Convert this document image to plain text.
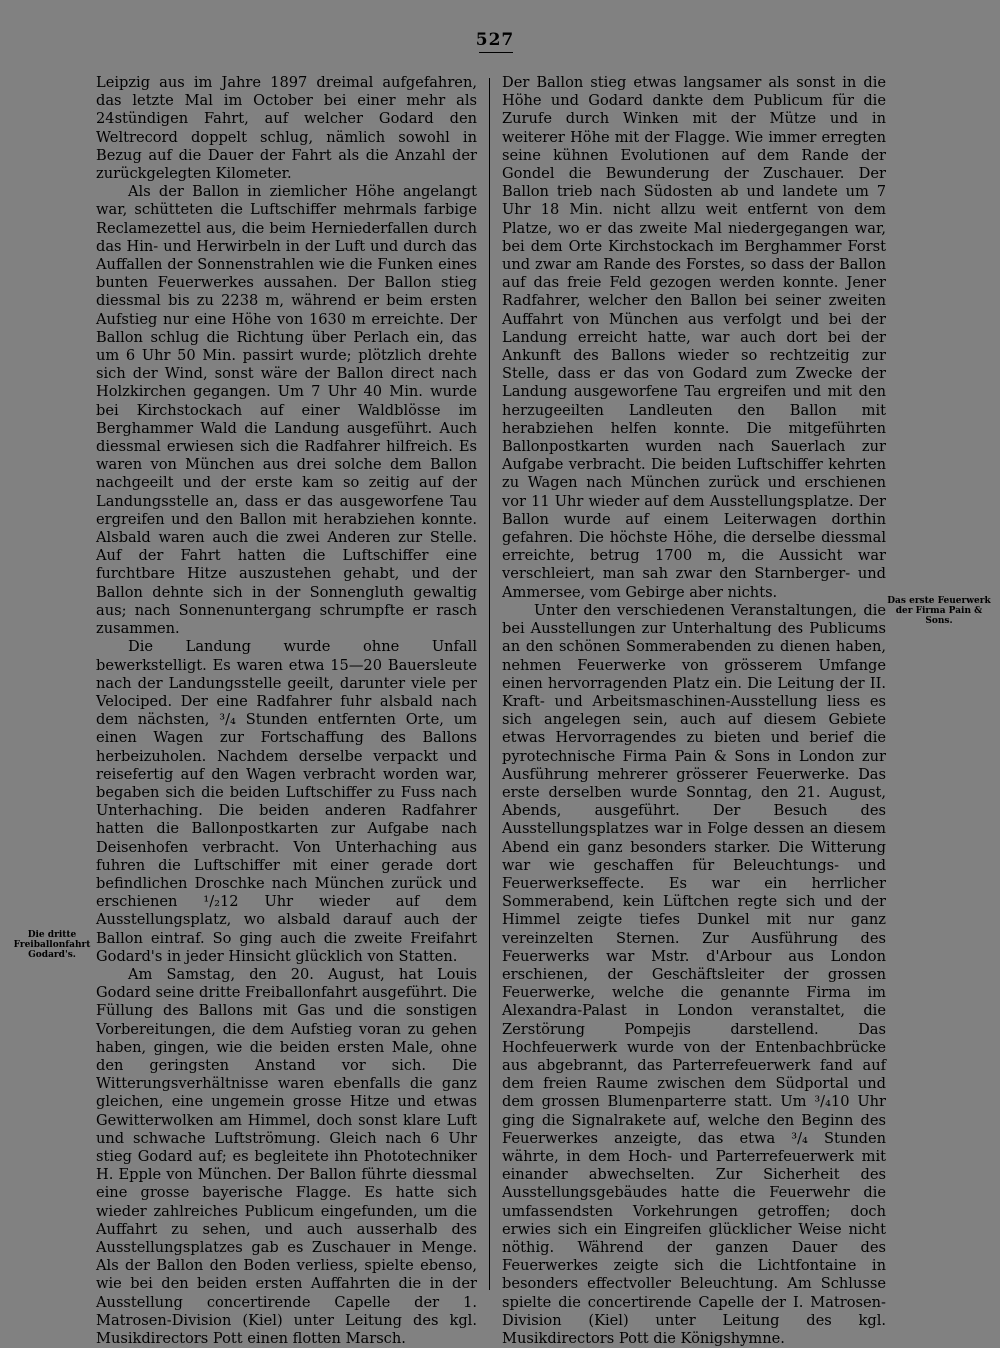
527

Leipzig aus im Jahre 1897 dreimal aufgefahren, das letzte Mal im October bei einer mehr als 24stündigen Fahrt, auf welcher Godard den Weltrecord doppelt schlug, nämlich sowohl in Bezug auf die Dauer der Fahrt als die Anzahl der zurückgelegten Kilometer.

Als der Ballon in ziemlicher Höhe angelangt war, schütteten die Luftschiffer mehrmals farbige Reclamezettel aus, die beim Herniederfallen durch das Hin- und Herwirbeln in der Luft und durch das Auffallen der Sonnenstrahlen wie die Funken eines bunten Feuerwerkes aussahen. Der Ballon stieg diessmal bis zu 2238 m, während er beim ersten Aufstieg nur eine Höhe von 1630 m erreichte. Der Ballon schlug die Richtung über Perlach ein, das um 6 Uhr 50 Min. passirt wurde; plötzlich drehte sich der Wind, sonst wäre der Ballon direct nach Holzkirchen gegangen. Um 7 Uhr 40 Min. wurde bei Kirchstockach auf einer Waldblösse im Berghammer Wald die Landung ausgeführt. Auch diessmal erwiesen sich die Radfahrer hilfreich. Es waren von München aus drei solche dem Ballon nachgeeilt und der erste kam so zeitig auf der Landungsstelle an, dass er das ausgeworfene Tau ergreifen und den Ballon mit herabziehen konnte. Alsbald waren auch die zwei Anderen zur Stelle. Auf der Fahrt hatten die Luftschiffer eine furchtbare Hitze auszustehen gehabt, und der Ballon dehnte sich in der Sonnengluth gewaltig aus; nach Sonnenuntergang schrumpfte er rasch zusammen.

Die Landung wurde ohne Unfall bewerkstelligt. Es waren etwa 15—20 Bauersleute nach der Landungsstelle geeilt, darunter viele per Velociped. Der eine Radfahrer fuhr alsbald nach dem nächsten, ³/₄ Stunden entfernten Orte, um einen Wagen zur Fortschaffung des Ballons herbeizuholen. Nachdem derselbe verpackt und reisefertig auf den Wagen verbracht worden war, begaben sich die beiden Luftschiffer zu Fuss nach Unterhaching. Die beiden anderen Radfahrer hatten die Ballonpostkarten zur Aufgabe nach Deisenhofen verbracht. Von Unterhaching aus fuhren die Luftschiffer mit einer gerade dort befindlichen Droschke nach München zurück und erschienen ¹/₂12 Uhr wieder auf dem Ausstellungsplatz, wo alsbald darauf auch der Ballon eintraf. So ging auch die zweite Freifahrt Godard's in jeder Hinsicht glücklich von Statten.

Am Samstag, den 20. August, hat Louis Godard seine dritte Freiballonfahrt ausgeführt. Die Füllung des Ballons mit Gas und die sonstigen Vorbereitungen, die dem Aufstieg voran zu gehen haben, gingen, wie die beiden ersten Male, ohne den geringsten Anstand vor sich. Die Witterungsverhältnisse waren ebenfalls die ganz gleichen, eine ungemein grosse Hitze und etwas Gewitterwolken am Himmel, doch sonst klare Luft und schwache Luftströmung. Gleich nach 6 Uhr stieg Godard auf; es begleitete ihn Phototechniker H. Epple von München. Der Ballon führte diessmal eine grosse bayerische Flagge. Es hatte sich wieder zahlreiches Publicum eingefunden, um die Auffahrt zu sehen, und auch ausserhalb des Ausstellungsplatzes gab es Zuschauer in Menge. Als der Ballon den Boden verliess, spielte ebenso, wie bei den beiden ersten Auffahrten die in der Ausstellung concertirende Capelle der 1. Matrosen-Division (Kiel) unter Leitung des kgl. Musikdirectors Pott einen flotten Marsch.

Der Ballon stieg etwas langsamer als sonst in die Höhe und Godard dankte dem Publicum für die Zurufe durch Winken mit der Mütze und in weiterer Höhe mit der Flagge. Wie immer erregten seine kühnen Evolutionen auf dem Rande der Gondel die Bewunderung der Zuschauer. Der Ballon trieb nach Südosten ab und landete um 7 Uhr 18 Min. nicht allzu weit entfernt von dem Platze, wo er das zweite Mal niedergegangen war, bei dem Orte Kirchstockach im Berghammer Forst und zwar am Rande des Forstes, so dass der Ballon auf das freie Feld gezogen werden konnte. Jener Radfahrer, welcher den Ballon bei seiner zweiten Auffahrt von München aus verfolgt und bei der Landung erreicht hatte, war auch dort bei der Ankunft des Ballons wieder so rechtzeitig zur Stelle, dass er das von Godard zum Zwecke der Landung ausgeworfene Tau ergreifen und mit den herzugeeilten Landleuten den Ballon mit herabziehen helfen konnte. Die mitgeführten Ballonpostkarten wurden nach Sauerlach zur Aufgabe verbracht. Die beiden Luftschiffer kehrten zu Wagen nach München zurück und erschienen vor 11 Uhr wieder auf dem Ausstellungsplatze. Der Ballon wurde auf einem Leiterwagen dorthin gefahren. Die höchste Höhe, die derselbe diessmal erreichte, betrug 1700 m, die Aussicht war verschleiert, man sah zwar den Starnberger- und Ammersee, vom Gebirge aber nichts.

Unter den verschiedenen Veranstaltungen, die bei Ausstellungen zur Unterhaltung des Publicums an den schönen Sommerabenden zu dienen haben, nehmen Feuerwerke von grösserem Umfange einen hervorragenden Platz ein. Die Leitung der II. Kraft- und Arbeitsmaschinen-Ausstellung liess es sich angelegen sein, auch auf diesem Gebiete etwas Hervorragendes zu bieten und berief die pyrotechnische Firma Pain & Sons in London zur Ausführung mehrerer grösserer Feuerwerke. Das erste derselben wurde Sonntag, den 21. August, Abends, ausgeführt. Der Besuch des Ausstellungsplatzes war in Folge dessen an diesem Abend ein ganz besonders starker. Die Witterung war wie geschaffen für Beleuchtungs- und Feuerwerkseffecte. Es war ein herrlicher Sommerabend, kein Lüftchen regte sich und der Himmel zeigte tiefes Dunkel mit nur ganz vereinzelten Sternen. Zur Ausführung des Feuerwerks war Mstr. d'Arbour aus London erschienen, der Geschäftsleiter der grossen Feuerwerke, welche die genannte Firma im Alexandra-Palast in London veranstaltet, die Zerstörung Pompejis darstellend. Das Hochfeuerwerk wurde von der Entenbachbrücke aus abgebrannt, das Parterrefeuerwerk fand auf dem freien Raume zwischen dem Südportal und dem grossen Blumenparterre statt. Um ³/₄10 Uhr ging die Signalrakete auf, welche den Beginn des Feuerwerkes anzeigte, das etwa ³/₄ Stunden währte, in dem Hoch- und Parterrefeuerwerk mit einander abwechselten. Zur Sicherheit des Ausstellungsgebäudes hatte die Feuerwehr die umfassendsten Vorkehrungen getroffen; doch erwies sich ein Eingreifen glücklicher Weise nicht nöthig. Während der ganzen Dauer des Feuerwerkes zeigte sich die Lichtfontaine in besonders effectvoller Beleuchtung. Am Schlusse spielte die concertirende Capelle der I. Matrosen-Division (Kiel) unter Leitung des kgl. Musikdirectors Pott die Königshymne.

Die dritte Freiballonfahrt Godard's.
Das erste Feuerwerk der Firma Pain & Sons.
